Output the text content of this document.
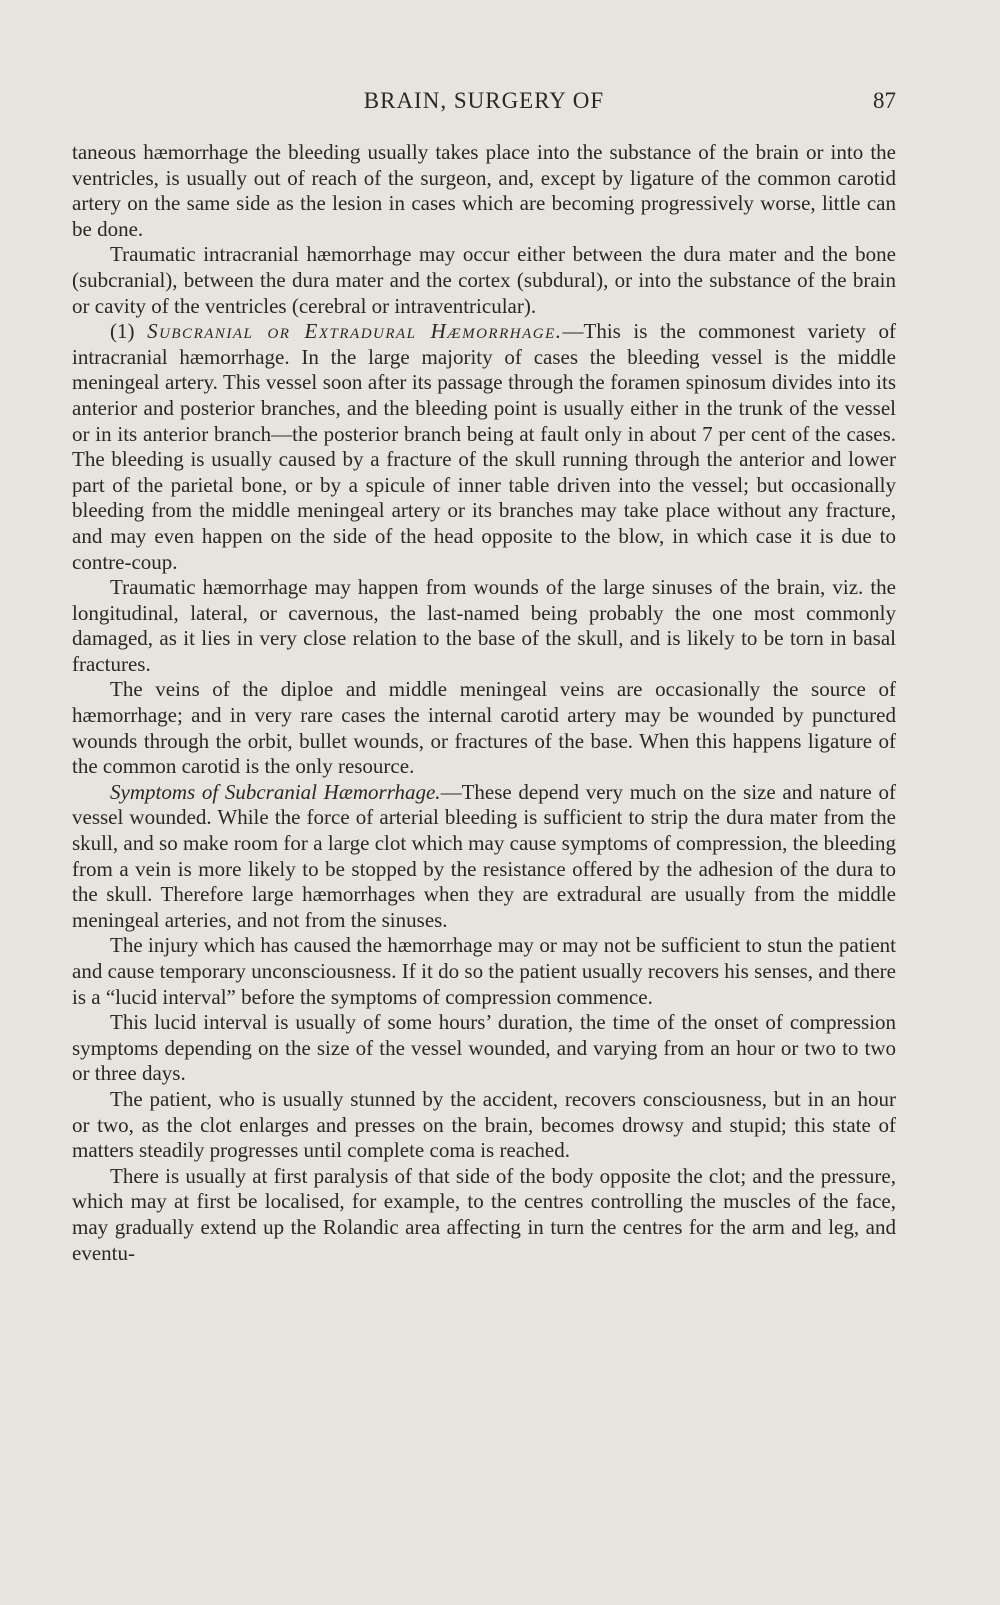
BRAIN, SURGERY OF	87

taneous hæmorrhage the bleeding usually takes place into the substance of the brain or into the ventricles, is usually out of reach of the surgeon, and, except by ligature of the common carotid artery on the same side as the lesion in cases which are becoming progressively worse, little can be done.

Traumatic intracranial hæmorrhage may occur either between the dura mater and the bone (subcranial), between the dura mater and the cortex (subdural), or into the substance of the brain or cavity of the ventricles (cerebral or intraventricular).

(1) Subcranial or Extradural Hæmorrhage.—This is the commonest variety of intracranial hæmorrhage. In the large majority of cases the bleeding vessel is the middle meningeal artery. This vessel soon after its passage through the foramen spinosum divides into its anterior and posterior branches, and the bleeding point is usually either in the trunk of the vessel or in its anterior branch—the posterior branch being at fault only in about 7 per cent of the cases. The bleeding is usually caused by a fracture of the skull running through the anterior and lower part of the parietal bone, or by a spicule of inner table driven into the vessel; but occasionally bleeding from the middle meningeal artery or its branches may take place without any fracture, and may even happen on the side of the head opposite to the blow, in which case it is due to contre-coup.

Traumatic hæmorrhage may happen from wounds of the large sinuses of the brain, viz. the longitudinal, lateral, or cavernous, the last-named being probably the one most commonly damaged, as it lies in very close relation to the base of the skull, and is likely to be torn in basal fractures.

The veins of the diploe and middle meningeal veins are occasionally the source of hæmorrhage; and in very rare cases the internal carotid artery may be wounded by punctured wounds through the orbit, bullet wounds, or fractures of the base. When this happens ligature of the common carotid is the only resource.

Symptoms of Subcranial Hæmorrhage.—These depend very much on the size and nature of vessel wounded. While the force of arterial bleeding is sufficient to strip the dura mater from the skull, and so make room for a large clot which may cause symptoms of compression, the bleeding from a vein is more likely to be stopped by the resistance offered by the adhesion of the dura to the skull. Therefore large hæmorrhages when they are extradural are usually from the middle meningeal arteries, and not from the sinuses.

The injury which has caused the hæmorrhage may or may not be sufficient to stun the patient and cause temporary unconsciousness. If it do so the patient usually recovers his senses, and there is a “lucid interval” before the symptoms of compression commence.

This lucid interval is usually of some hours’ duration, the time of the onset of compression symptoms depending on the size of the vessel wounded, and varying from an hour or two to two or three days.

The patient, who is usually stunned by the accident, recovers consciousness, but in an hour or two, as the clot enlarges and presses on the brain, becomes drowsy and stupid; this state of matters steadily progresses until complete coma is reached.

There is usually at first paralysis of that side of the body opposite the clot; and the pressure, which may at first be localised, for example, to the centres controlling the muscles of the face, may gradually extend up the Rolandic area affecting in turn the centres for the arm and leg, and eventu-
